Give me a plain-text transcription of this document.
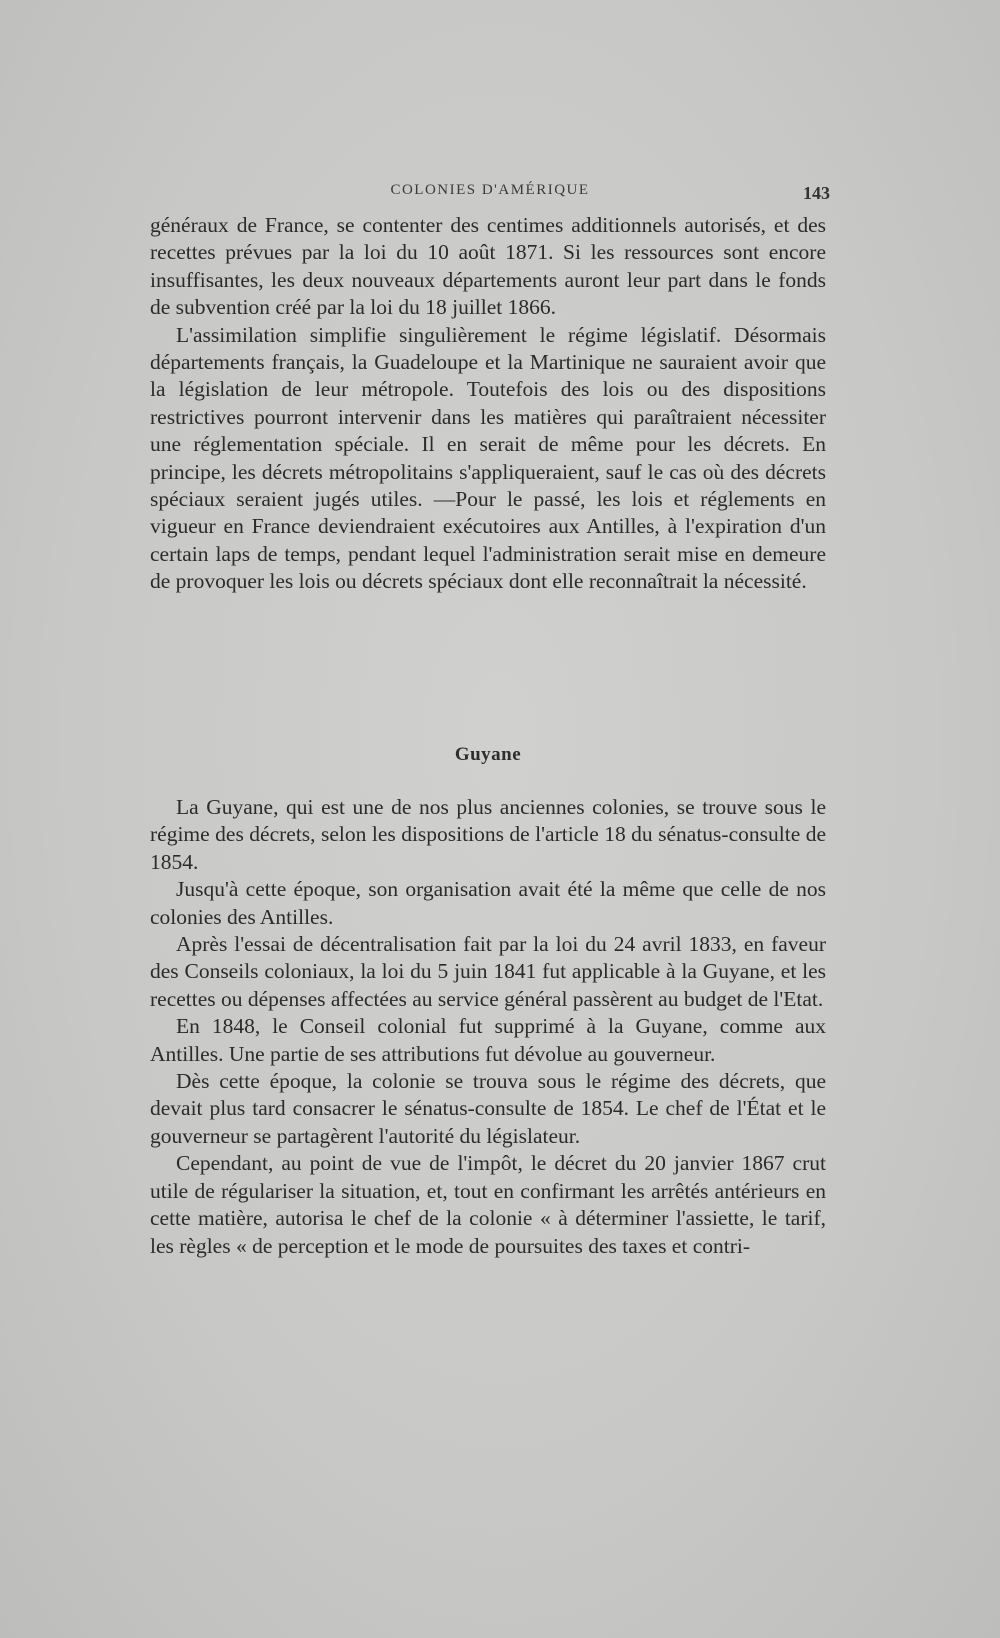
COLONIES D'AMÉRIQUE	143

généraux de France, se contenter des centimes additionnels autorisés, et des recettes prévues par la loi du 10 août 1871. Si les ressources sont encore insuffisantes, les deux nouveaux départements auront leur part dans le fonds de subvention créé par la loi du 18 juillet 1866.

L'assimilation simplifie singulièrement le régime législatif. Désormais départements français, la Guadeloupe et la Martinique ne sauraient avoir que la législation de leur métropole. Toutefois des lois ou des dispositions restrictives pourront intervenir dans les matières qui paraîtraient nécessiter une réglementation spéciale. Il en serait de même pour les décrets. En principe, les décrets métropolitains s'appliqueraient, sauf le cas où des décrets spéciaux seraient jugés utiles. —Pour le passé, les lois et réglements en vigueur en France deviendraient exécutoires aux Antilles, à l'expiration d'un certain laps de temps, pendant lequel l'administration serait mise en demeure de provoquer les lois ou décrets spéciaux dont elle reconnaîtrait la nécessité.

Guyane

La Guyane, qui est une de nos plus anciennes colonies, se trouve sous le régime des décrets, selon les dispositions de l'article 18 du sénatus-consulte de 1854.

Jusqu'à cette époque, son organisation avait été la même que celle de nos colonies des Antilles.

Après l'essai de décentralisation fait par la loi du 24 avril 1833, en faveur des Conseils coloniaux, la loi du 5 juin 1841 fut applicable à la Guyane, et les recettes ou dépenses affectées au service général passèrent au budget de l'Etat.

En 1848, le Conseil colonial fut supprimé à la Guyane, comme aux Antilles. Une partie de ses attributions fut dévolue au gouverneur.

Dès cette époque, la colonie se trouva sous le régime des décrets, que devait plus tard consacrer le sénatus-consulte de 1854. Le chef de l'État et le gouverneur se partagèrent l'autorité du législateur.

Cependant, au point de vue de l'impôt, le décret du 20 janvier 1867 crut utile de régulariser la situation, et, tout en confirmant les arrêtés antérieurs en cette matière, autorisa le chef de la colonie « à déterminer l'assiette, le tarif, les règles « de perception et le mode de poursuites des taxes et contri-
